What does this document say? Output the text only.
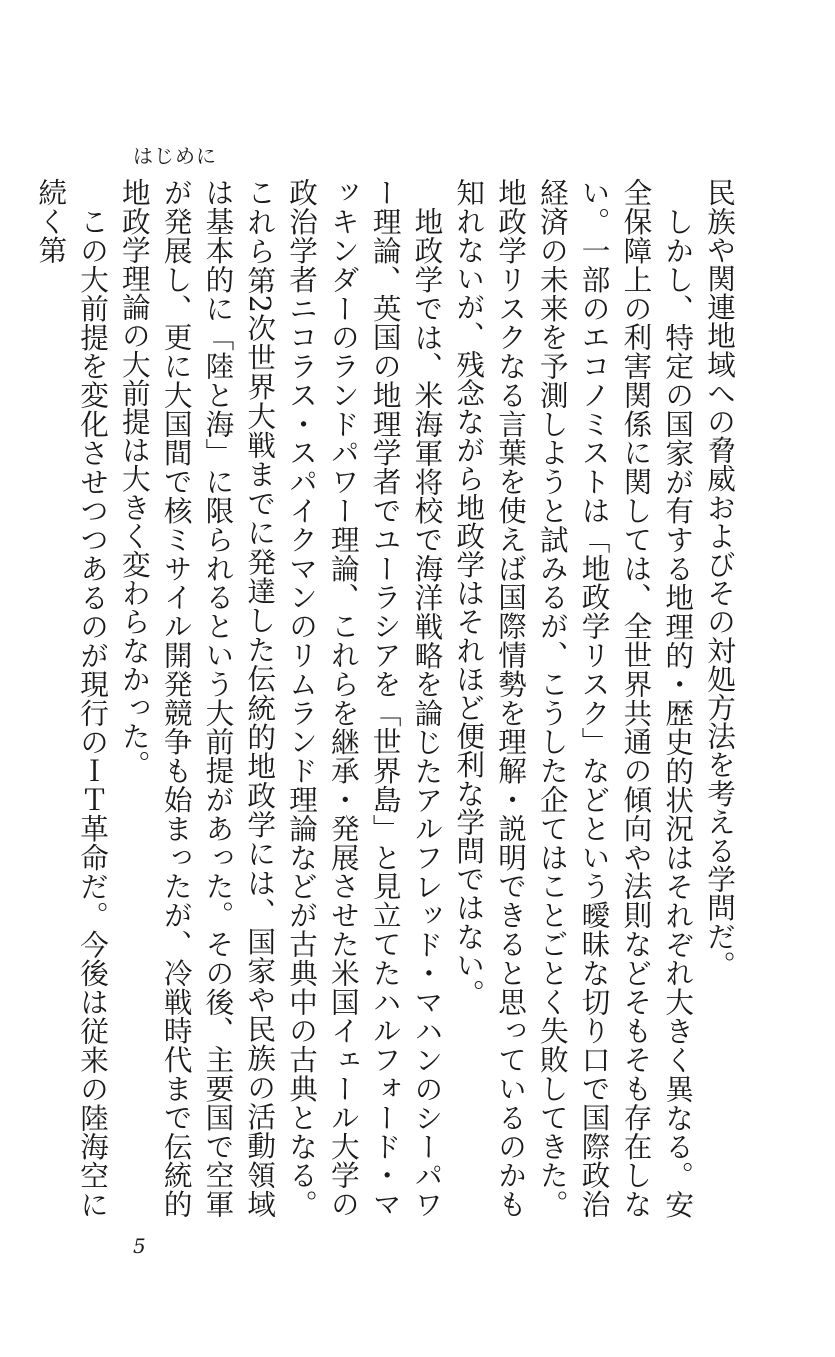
はじめに

民族や関連地域への脅威およびその対処方法を考える学問だ。

しかし、特定の国家が有する地理的・歴史的状況はそれぞれ大きく異なる。安全保障上の利害関係に関しては、全世界共通の傾向や法則などそもそも存在しない。一部のエコノミストは「地政学リスク」などという曖昧な切り口で国際政治経済の未来を予測しようと試みるが、こうした企てはことごとく失敗してきた。地政学リスクなる言葉を使えば国際情勢を理解・説明できると思っているのかも知れないが、残念ながら地政学はそれほど便利な学問ではない。

地政学では、米海軍将校で海洋戦略を論じたアルフレッド・マハンのシーパワー理論、英国の地理学者でユーラシアを「世界島」と見立てたハルフォード・マッキンダーのランドパワー理論、これらを継承・発展させた米国イェール大学の政治学者ニコラス・スパイクマンのリムランド理論などが古典中の古典となる。これら第2次世界大戦までに発達した伝統的地政学には、国家や民族の活動領域は基本的に「陸と海」に限られるという大前提があった。その後、主要国で空軍が発展し、更に大国間で核ミサイル開発競争も始まったが、冷戦時代まで伝統的地政学理論の大前提は大きく変わらなかった。

この大前提を変化させつつあるのが現行のＩＴ革命だ。今後は従来の陸海空に続く第

5
